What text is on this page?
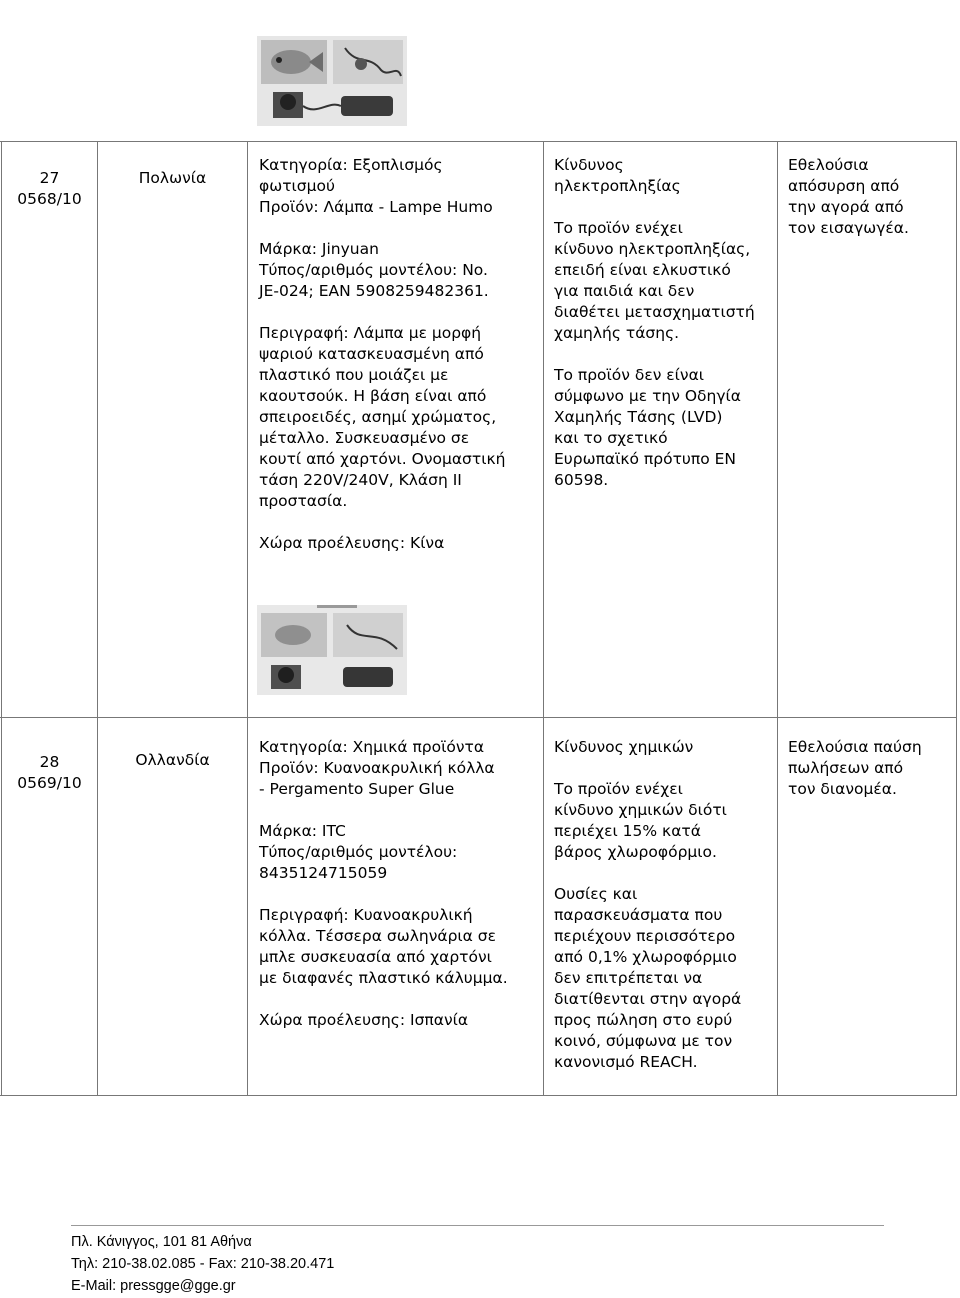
27
0568/10
Πολωνία
Κατηγορία: Εξοπλισμός
φωτισμού
Προϊόν: Λάμπα - Lampe Humo
Μάρκα: Jinyuan
Τύπος/αριθμός μοντέλου: No.
JE-024; EAN 5908259482361.
Περιγραφή: Λάμπα με μορφή
ψαριού κατασκευασμένη από
πλαστικό που μοιάζει με
καουτσούκ. Η βάση είναι από
σπειροειδές, ασημί χρώματος,
μέταλλο. Συσκευασμένο σε
κουτί από χαρτόνι. Ονομαστική
τάση 220V/240V, Κλάση ΙΙ
προστασία.
Χώρα προέλευσης: Κίνα
Κίνδυνος
ηλεκτροπληξίας
Το προϊόν ενέχει
κίνδυνο ηλεκτροπληξίας,
επειδή είναι ελκυστικό
για παιδιά και δεν
διαθέτει μετασχηματιστή
χαμηλής τάσης.
Το προϊόν δεν είναι
σύμφωνο με την Οδηγία
Χαμηλής Τάσης (LVD)
και το σχετικό
Ευρωπαϊκό πρότυπο ΕΝ
60598.
Εθελούσια
απόσυρση από
την αγορά από
τον εισαγωγέα.
28
0569/10
Ολλανδία
Κατηγορία: Χημικά προϊόντα
Προϊόν: Κυανοακρυλική κόλλα
- Pergamento Super Glue
Μάρκα: ITC
Τύπος/αριθμός μοντέλου:
8435124715059
Περιγραφή: Κυανοακρυλική
κόλλα. Τέσσερα σωληνάρια σε
μπλε συσκευασία από χαρτόνι
με διαφανές πλαστικό κάλυμμα.
Χώρα προέλευσης: Ισπανία
Κίνδυνος χημικών
Το προϊόν ενέχει
κίνδυνο χημικών διότι
περιέχει 15% κατά
βάρος χλωροφόρμιο.
Ουσίες και
παρασκευάσματα που
περιέχουν περισσότερο
από 0,1% χλωροφόρμιο
δεν επιτρέπεται να
διατίθενται στην αγορά
προς πώληση στο ευρύ
κοινό, σύμφωνα με τον
κανονισμό REACH.
Εθελούσια παύση
πωλήσεων από
τον διανομέα.
Πλ. Κάνιγγος, 101 81 Αθήνα
Τηλ: 210-38.02.085 - Fax: 210-38.20.471
E-Mail: pressgge@gge.gr
